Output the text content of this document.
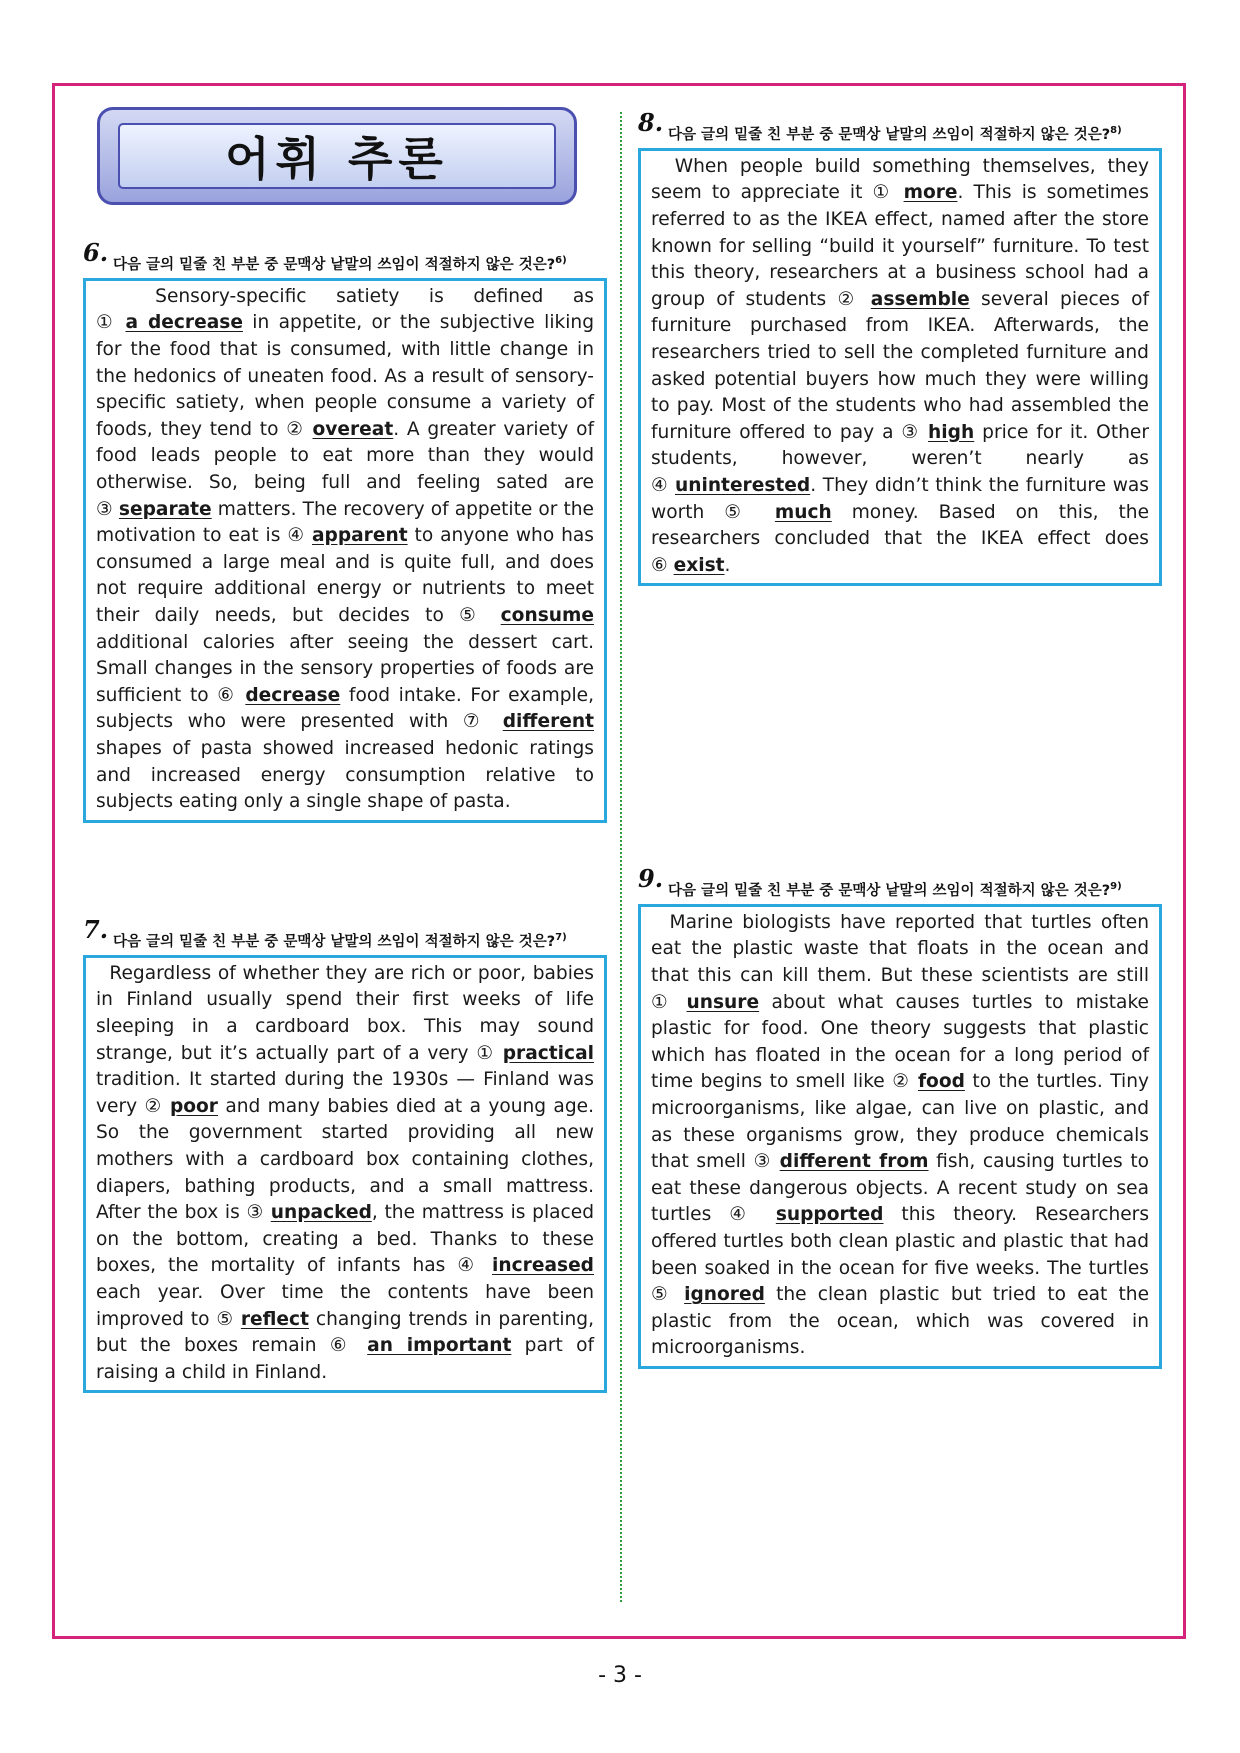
어휘 추론
6. 다음 글의 밑줄 친 부분 중 문맥상 낱말의 쓰임이 적절하지 않은 것은?$^{6)}$
Sensory-specific satiety is defined as ① a decrease in appetite, or the subjective liking for the food that is consumed, with little change in the hedonics of uneaten food. As a result of sensory-specific satiety, when people consume a variety of foods, they tend to ② overeat. A greater variety of food leads people to eat more than they would otherwise. So, being full and feeling sated are ③ separate matters. The recovery of appetite or the motivation to eat is ④ apparent to anyone who has consumed a large meal and is quite full, and does not require additional energy or nutrients to meet their daily needs, but decides to ⑤ consume additional calories after seeing the dessert cart. Small changes in the sensory properties of foods are sufficient to ⑥ decrease food intake. For example, subjects who were presented with ⑦ different shapes of pasta showed increased hedonic ratings and increased energy consumption relative to subjects eating only a single shape of pasta.
7. 다음 글의 밑줄 친 부분 중 문맥상 낱말의 쓰임이 적절하지 않은 것은?$^{7)}$
Regardless of whether they are rich or poor, babies in Finland usually spend their first weeks of life sleeping in a cardboard box. This may sound strange, but it’s actually part of a very ① practical tradition. It started during the 1930s — Finland was very ② poor and many babies died at a young age. So the government started providing all new mothers with a cardboard box containing clothes, diapers, bathing products, and a small mattress. After the box is ③ unpacked, the mattress is placed on the bottom, creating a bed. Thanks to these boxes, the mortality of infants has ④ increased each year. Over time the contents have been improved to ⑤ reflect changing trends in parenting, but the boxes remain ⑥ an important part of raising a child in Finland.
8. 다음 글의 밑줄 친 부분 중 문맥상 낱말의 쓰임이 적절하지 않은 것은?$^{8)}$
When people build something themselves, they seem to appreciate it ① more. This is sometimes referred to as the IKEA effect, named after the store known for selling “build it yourself” furniture. To test this theory, researchers at a business school had a group of students ② assemble several pieces of furniture purchased from IKEA. Afterwards, the researchers tried to sell the completed furniture and asked potential buyers how much they were willing to pay. Most of the students who had assembled the furniture offered to pay a ③ high price for it. Other students, however, weren’t nearly as ④ uninterested. They didn’t think the furniture was worth ⑤ much money. Based on this, the researchers concluded that the IKEA effect does ⑥ exist.
9. 다음 글의 밑줄 친 부분 중 문맥상 낱말의 쓰임이 적절하지 않은 것은?$^{9)}$
Marine biologists have reported that turtles often eat the plastic waste that floats in the ocean and that this can kill them. But these scientists are still ① unsure about what causes turtles to mistake plastic for food. One theory suggests that plastic which has floated in the ocean for a long period of time begins to smell like ② food to the turtles. Tiny microorganisms, like algae, can live on plastic, and as these organisms grow, they produce chemicals that smell ③ different from fish, causing turtles to eat these dangerous objects. A recent study on sea turtles ④ supported this theory. Researchers offered turtles both clean plastic and plastic that had been soaked in the ocean for five weeks. The turtles ⑤ ignored the clean plastic but tried to eat the plastic from the ocean, which was covered in microorganisms.
- 3 -
